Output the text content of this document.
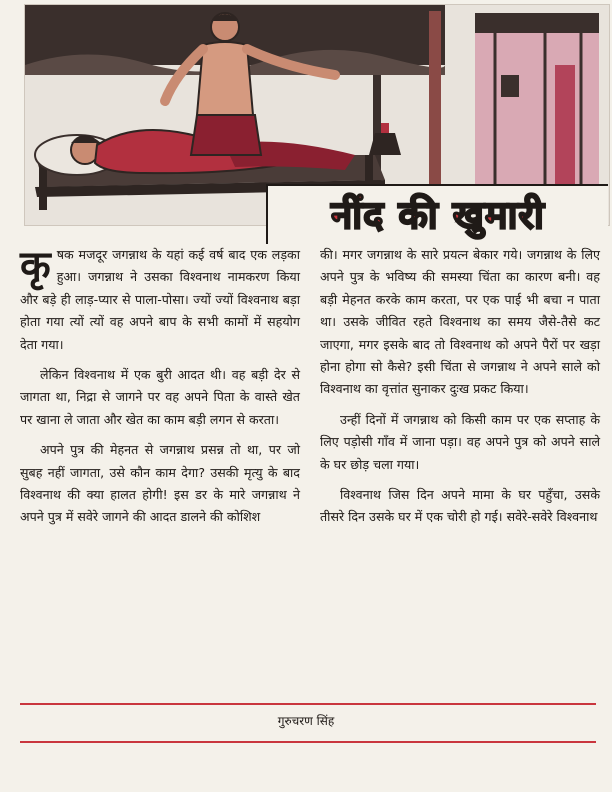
नींद की खुमारी

कृषक मजदूर जगन्नाथ के यहां कई वर्ष बाद एक लड़का हुआ। जगन्नाथ ने उसका विश्वनाथ नामकरण किया और बड़े ही लाड़-प्यार से पाला-पोसा। ज्यों ज्यों विश्वनाथ बड़ा होता गया त्यों त्यों वह अपने बाप के सभी कामों में सहयोग देता गया।

लेकिन विश्वनाथ में एक बुरी आदत थी। वह बड़ी देर से जागता था, निद्रा से जागने पर वह अपने पिता के वास्ते खेत पर खाना ले जाता और खेत का काम बड़ी लगन से करता।

अपने पुत्र की मेहनत से जगन्नाथ प्रसन्न तो था, पर जो सुबह नहीं जागता, उसे कौन काम देगा? उसकी मृत्यु के बाद विश्वनाथ की क्या हालत होगी! इस डर के मारे जगन्नाथ ने अपने पुत्र में सवेरे जागने की आदत डालने की कोशिश

की। मगर जगन्नाथ के सारे प्रयत्न बेकार गये। जगन्नाथ के लिए अपने पुत्र के भविष्य की समस्या चिंता का कारण बनी। वह बड़ी मेहनत करके काम करता, पर एक पाई भी बचा न पाता था। उसके जीवित रहते विश्वनाथ का समय जैसे-तैसे कट जाएगा, मगर इसके बाद तो विश्वनाथ को अपने पैरों पर खड़ा होना होगा सो कैसे? इसी चिंता से जगन्नाथ ने अपने साले को विश्वनाथ का वृत्तांत सुनाकर दुःख प्रकट किया।

उन्हीं दिनों में जगन्नाथ को किसी काम पर एक सप्ताह के लिए पड़ोसी गाँव में जाना पड़ा। वह अपने पुत्र को अपने साले के घर छोड़ चला गया।

विश्वनाथ जिस दिन अपने मामा के घर पहुँचा, उसके तीसरे दिन उसके घर में एक चोरी हो गई। सवेरे-सवेरे विश्वनाथ

गुरुचरण सिंह
